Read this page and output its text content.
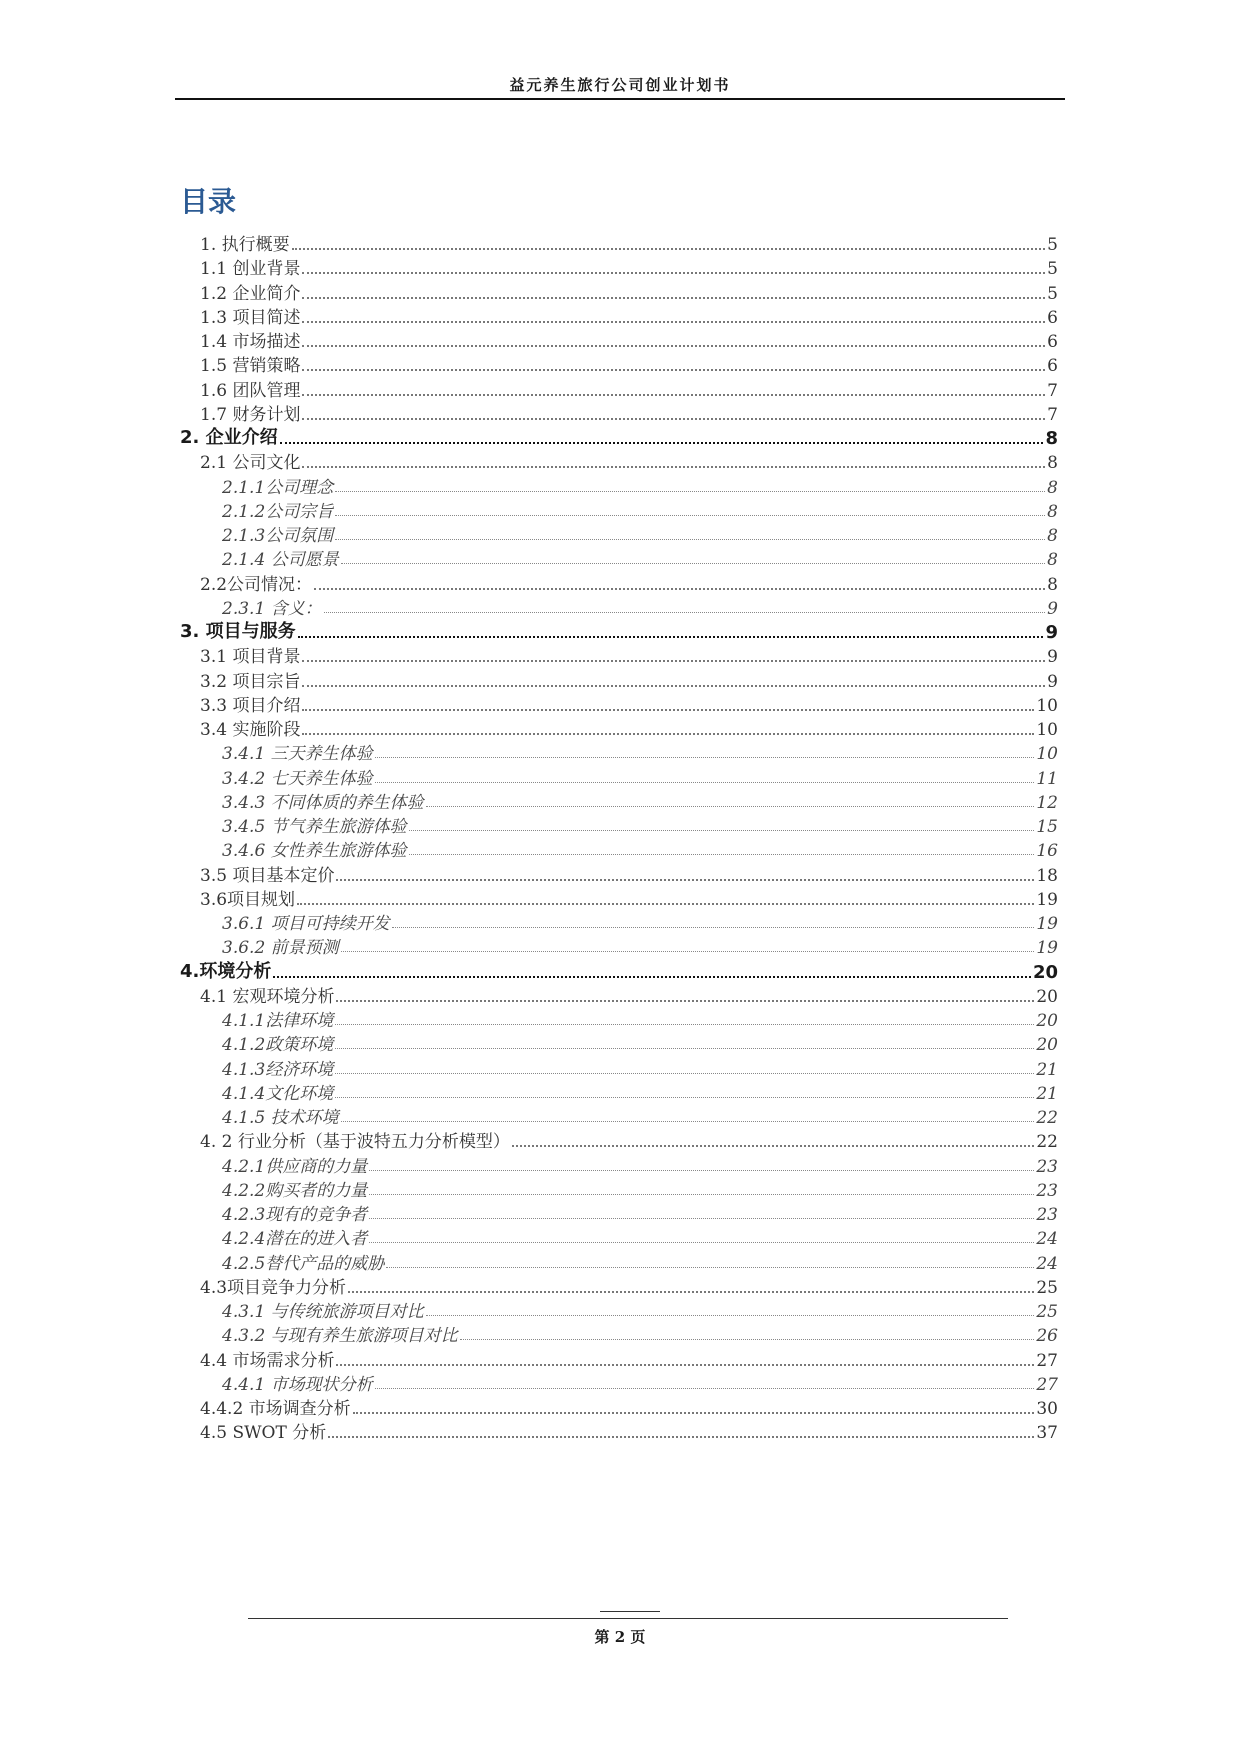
益元养生旅行公司创业计划书
目录
1. 执行概要	5
1.1 创业背景	5
1.2 企业简介	5
1.3 项目简述	6
1.4 市场描述	6
1.5 营销策略	6
1.6 团队管理	7
1.7 财务计划	7
2. 企业介绍	8
2.1 公司文化	8
2.1.1公司理念	8
2.1.2公司宗旨	8
2.1.3公司氛围	8
2.1.4 公司愿景	8
2.2公司情况：	8
2.3.1 含义：	9
3. 项目与服务	9
3.1 项目背景	9
3.2 项目宗旨	9
3.3 项目介绍	10
3.4 实施阶段	10
3.4.1 三天养生体验	10
3.4.2 七天养生体验	11
3.4.3 不同体质的养生体验	12
3.4.5 节气养生旅游体验	15
3.4.6 女性养生旅游体验	16
3.5 项目基本定价	18
3.6项目规划	19
3.6.1 项目可持续开发	19
3.6.2 前景预测	19
4.环境分析	20
4.1 宏观环境分析	20
4.1.1法律环境	20
4.1.2政策环境	20
4.1.3经济环境	21
4.1.4文化环境	21
4.1.5 技术环境	22
4. 2 行业分析（基于波特五力分析模型）	22
4.2.1供应商的力量	23
4.2.2购买者的力量	23
4.2.3现有的竞争者	23
4.2.4潜在的进入者	24
4.2.5替代产品的威胁	24
4.3项目竞争力分析	25
4.3.1 与传统旅游项目对比	25
4.3.2 与现有养生旅游项目对比	26
4.4 市场需求分析	27
4.4.1 市场现状分析	27
4.4.2 市场调查分析	30
4.5 SWOT 分析	37
第 2 页
